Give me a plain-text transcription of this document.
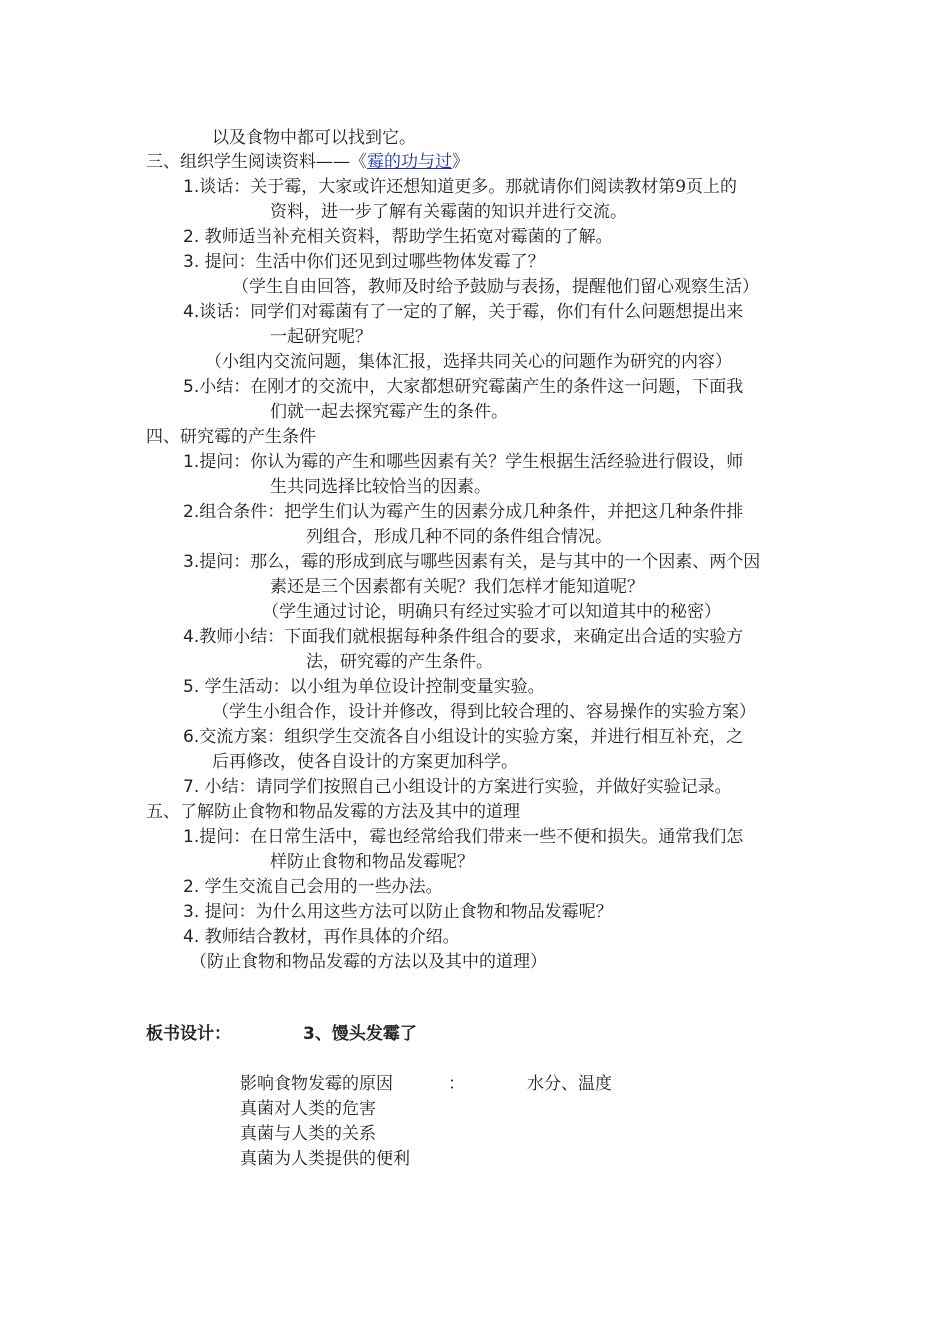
以及食物中都可以找到它。
三、组织学生阅读资料——《霉的功与过》
1.谈话：关于霉，大家或许还想知道更多。那就请你们阅读教材第9页上的
资料，进一步了解有关霉菌的知识并进行交流。
2. 教师适当补充相关资料，帮助学生拓宽对霉菌的了解。
3. 提问：生活中你们还见到过哪些物体发霉了？
（学生自由回答，教师及时给予鼓励与表扬，提醒他们留心观察生活）
4.谈话：同学们对霉菌有了一定的了解，关于霉，你们有什么问题想提出来
一起研究呢？
（小组内交流问题，集体汇报，选择共同关心的问题作为研究的内容）
5.小结：在刚才的交流中，大家都想研究霉菌产生的条件这一问题，下面我
们就一起去探究霉产生的条件。
四、研究霉的产生条件
1.提问：你认为霉的产生和哪些因素有关？学生根据生活经验进行假设，师
生共同选择比较恰当的因素。
2.组合条件：把学生们认为霉产生的因素分成几种条件，并把这几种条件排
列组合，形成几种不同的条件组合情况。
3.提问：那么，霉的形成到底与哪些因素有关，是与其中的一个因素、两个因
素还是三个因素都有关呢？我们怎样才能知道呢？
（学生通过讨论，明确只有经过实验才可以知道其中的秘密）
4.教师小结：下面我们就根据每种条件组合的要求，来确定出合适的实验方
法，研究霉的产生条件。
5. 学生活动：以小组为单位设计控制变量实验。
（学生小组合作，设计并修改，得到比较合理的、容易操作的实验方案）
6.交流方案：组织学生交流各自小组设计的实验方案，并进行相互补充，之
后再修改，使各自设计的方案更加科学。
7. 小结：请同学们按照自己小组设计的方案进行实验，并做好实验记录。
五、了解防止食物和物品发霉的方法及其中的道理
1.提问：在日常生活中，霉也经常给我们带来一些不便和损失。通常我们怎
样防止食物和物品发霉呢？
2. 学生交流自己会用的一些办法。
3. 提问：为什么用这些方法可以防止食物和物品发霉呢？
4. 教师结合教材，再作具体的介绍。
（防止食物和物品发霉的方法以及其中的道理）
板书设计：	3、馒头发霉了
影响食物发霉的原因	：	水分、温度
真菌对人类的危害
真菌与人类的关系
真菌为人类提供的便利
